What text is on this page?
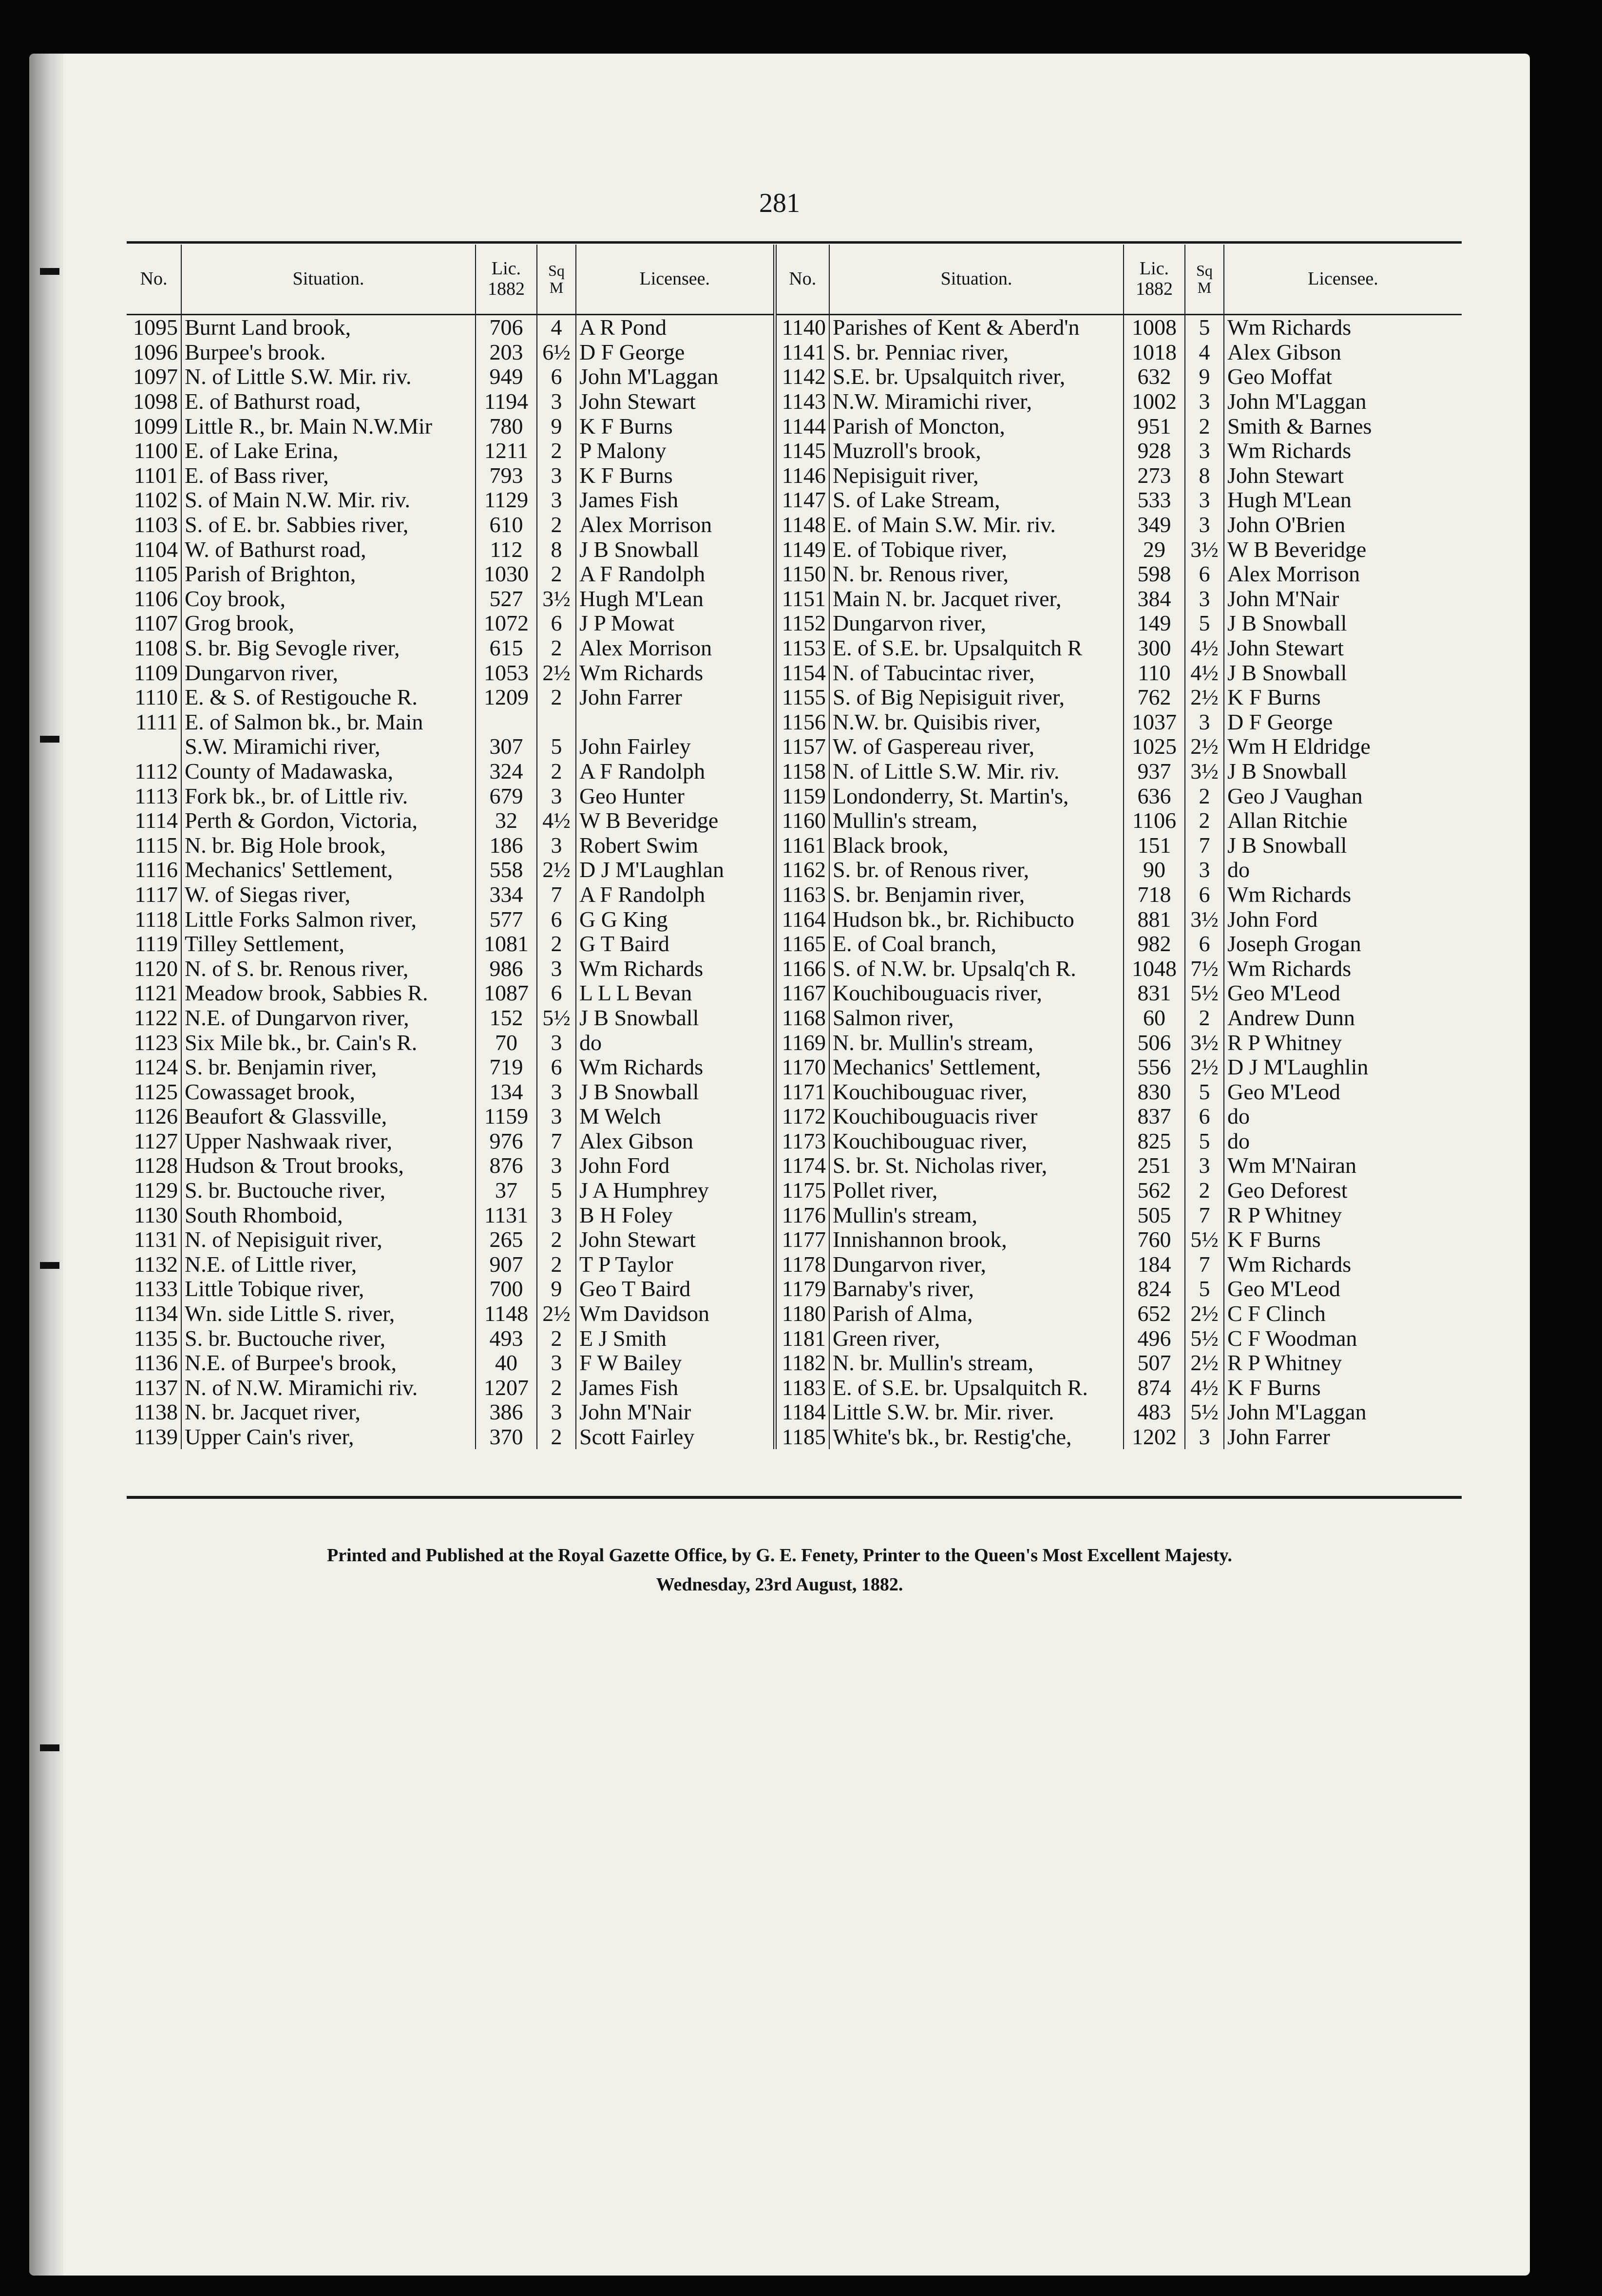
281
No.	Situation.	Lic. 1882	Sq M	Licensee.	No.	Situation.	Lic. 1882	Sq M	Licensee.
1095	Burnt Land brook,	706	4	A R Pond	1140	Parishes of Kent & Aberd'n	1008	5	Wm Richards
1096	Burpee's brook.	203	6½	D F George	1141	S. br. Penniac river,	1018	4	Alex Gibson
1097	N. of Little S.W. Mir. riv.	949	6	John M'Laggan	1142	S.E. br. Upsalquitch river,	632	9	Geo Moffat
1098	E. of Bathurst road,	1194	3	John Stewart	1143	N.W. Miramichi river,	1002	3	John M'Laggan
1099	Little R., br. Main N.W.Mir	780	9	K F Burns	1144	Parish of Moncton,	951	2	Smith & Barnes
1100	E. of Lake Erina,	1211	2	P Malony	1145	Muzroll's brook,	928	3	Wm Richards
1101	E. of Bass river,	793	3	K F Burns	1146	Nepisiguit river,	273	8	John Stewart
1102	S. of Main N.W. Mir. riv.	1129	3	James Fish	1147	S. of Lake Stream,	533	3	Hugh M'Lean
1103	S. of E. br. Sabbies river,	610	2	Alex Morrison	1148	E. of Main S.W. Mir. riv.	349	3	John O'Brien
1104	W. of Bathurst road,	112	8	J B Snowball	1149	E. of Tobique river,	29	3½	W B Beveridge
1105	Parish of Brighton,	1030	2	A F Randolph	1150	N. br. Renous river,	598	6	Alex Morrison
1106	Coy brook,	527	3½	Hugh M'Lean	1151	Main N. br. Jacquet river,	384	3	John M'Nair
1107	Grog brook,	1072	6	J P Mowat	1152	Dungarvon river,	149	5	J B Snowball
1108	S. br. Big Sevogle river,	615	2	Alex Morrison	1153	E. of S.E. br. Upsalquitch R	300	4½	John Stewart
1109	Dungarvon river,	1053	2½	Wm Richards	1154	N. of Tabucintac river,	110	4½	J B Snowball
1110	E. & S. of Restigouche R.	1209	2	John Farrer	1155	S. of Big Nepisiguit river,	762	2½	K F Burns
1111	E. of Salmon bk., br. Main				1156	N.W. br. Quisibis river,	1037	3	D F George
	S.W. Miramichi river,	307	5	John Fairley	1157	W. of Gaspereau river,	1025	2½	Wm H Eldridge
1112	County of Madawaska,	324	2	A F Randolph	1158	N. of Little S.W. Mir. riv.	937	3½	J B Snowball
1113	Fork bk., br. of Little riv.	679	3	Geo Hunter	1159	Londonderry, St. Martin's,	636	2	Geo J Vaughan
1114	Perth & Gordon, Victoria,	32	4½	W B Beveridge	1160	Mullin's stream,	1106	2	Allan Ritchie
1115	N. br. Big Hole brook,	186	3	Robert Swim	1161	Black brook,	151	7	J B Snowball
1116	Mechanics' Settlement,	558	2½	D J M'Laughlan	1162	S. br. of Renous river,	90	3	do
1117	W. of Siegas river,	334	7	A F Randolph	1163	S. br. Benjamin river,	718	6	Wm Richards
1118	Little Forks Salmon river,	577	6	G G King	1164	Hudson bk., br. Richibucto	881	3½	John Ford
1119	Tilley Settlement,	1081	2	G T Baird	1165	E. of Coal branch,	982	6	Joseph Grogan
1120	N. of S. br. Renous river,	986	3	Wm Richards	1166	S. of N.W. br. Upsalq'ch R.	1048	7½	Wm Richards
1121	Meadow brook, Sabbies R.	1087	6	L L L Bevan	1167	Kouchibouguacis river,	831	5½	Geo M'Leod
1122	N.E. of Dungarvon river,	152	5½	J B Snowball	1168	Salmon river,	60	2	Andrew Dunn
1123	Six Mile bk., br. Cain's R.	70	3	do	1169	N. br. Mullin's stream,	506	3½	R P Whitney
1124	S. br. Benjamin river,	719	6	Wm Richards	1170	Mechanics' Settlement,	556	2½	D J M'Laughlin
1125	Cowassaget brook,	134	3	J B Snowball	1171	Kouchibouguac river,	830	5	Geo M'Leod
1126	Beaufort & Glassville,	1159	3	M Welch	1172	Kouchibouguacis river	837	6	do
1127	Upper Nashwaak river,	976	7	Alex Gibson	1173	Kouchibouguac river,	825	5	do
1128	Hudson & Trout brooks,	876	3	John Ford	1174	S. br. St. Nicholas river,	251	3	Wm M'Nairan
1129	S. br. Buctouche river,	37	5	J A Humphrey	1175	Pollet river,	562	2	Geo Deforest
1130	South Rhomboid,	1131	3	B H Foley	1176	Mullin's stream,	505	7	R P Whitney
1131	N. of Nepisiguit river,	265	2	John Stewart	1177	Innishannon brook,	760	5½	K F Burns
1132	N.E. of Little river,	907	2	T P Taylor	1178	Dungarvon river,	184	7	Wm Richards
1133	Little Tobique river,	700	9	Geo T Baird	1179	Barnaby's river,	824	5	Geo M'Leod
1134	Wn. side Little S. river,	1148	2½	Wm Davidson	1180	Parish of Alma,	652	2½	C F Clinch
1135	S. br. Buctouche river,	493	2	E J Smith	1181	Green river,	496	5½	C F Woodman
1136	N.E. of Burpee's brook,	40	3	F W Bailey	1182	N. br. Mullin's stream,	507	2½	R P Whitney
1137	N. of N.W. Miramichi riv.	1207	2	James Fish	1183	E. of S.E. br. Upsalquitch R.	874	4½	K F Burns
1138	N. br. Jacquet river,	386	3	John M'Nair	1184	Little S.W. br. Mir. river.	483	5½	John M'Laggan
1139	Upper Cain's river,	370	2	Scott Fairley	1185	White's bk., br. Restig'che,	1202	3	John Farrer
Printed and Published at the Royal Gazette Office, by G. E. Fenety, Printer to the Queen's Most Excellent Majesty.
Wednesday, 23rd August, 1882.
